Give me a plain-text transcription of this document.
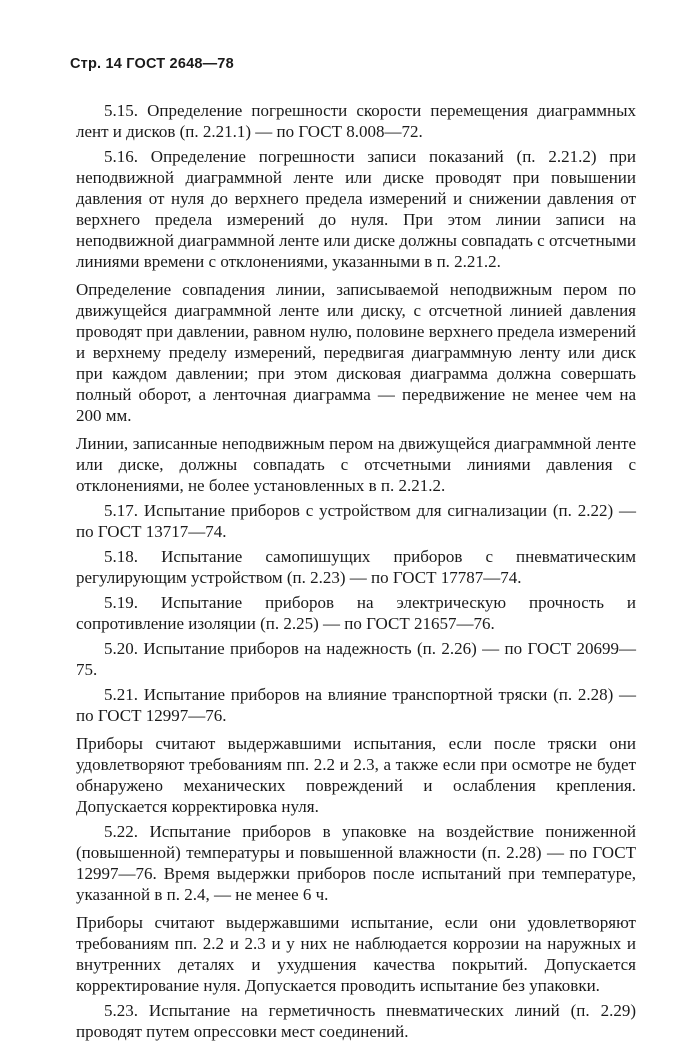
Стр. 14 ГОСТ 2648—78

5.15. Определение погрешности скорости перемещения диаграммных лент и дисков (п. 2.21.1) — по ГОСТ 8.008—72.

5.16. Определение погрешности записи показаний (п. 2.21.2) при неподвижной диаграммной ленте или диске проводят при повышении давления от нуля до верхнего предела измерений и снижении давления от верхнего предела измерений до нуля. При этом линии записи на неподвижной диаграммной ленте или диске должны совпадать с отсчетными линиями времени с отклонениями, указанными в п. 2.21.2.

Определение совпадения линии, записываемой неподвижным пером по движущейся диаграммной ленте или диску, с отсчетной линией давления проводят при давлении, равном нулю, половине верхнего предела измерений и верхнему пределу измерений, передвигая диаграммную ленту или диск при каждом давлении; при этом дисковая диаграмма должна совершать полный оборот, а ленточная диаграмма — передвижение не менее чем на 200 мм.

Линии, записанные неподвижным пером на движущейся диаграммной ленте или диске, должны совпадать с отсчетными линиями давления с отклонениями, не более установленных в п. 2.21.2.

5.17. Испытание приборов с устройством для сигнализации (п. 2.22) — по ГОСТ 13717—74.

5.18. Испытание самопишущих приборов с пневматическим регулирующим устройством (п. 2.23) — по ГОСТ 17787—74.

5.19. Испытание приборов на электрическую прочность и сопротивление изоляции (п. 2.25) — по ГОСТ 21657—76.

5.20. Испытание приборов на надежность (п. 2.26) — по ГОСТ 20699—75.

5.21. Испытание приборов на влияние транспортной тряски (п. 2.28) — по ГОСТ 12997—76.

Приборы считают выдержавшими испытания, если после тряски они удовлетворяют требованиям пп. 2.2 и 2.3, а также если при осмотре не будет обнаружено механических повреждений и ослабления крепления. Допускается корректировка нуля.

5.22. Испытание приборов в упаковке на воздействие пониженной (повышенной) температуры и повышенной влажности (п. 2.28) — по ГОСТ 12997—76. Время выдержки приборов после испытаний при температуре, указанной в п. 2.4, — не менее 6 ч.

Приборы считают выдержавшими испытание, если они удовлетворяют требованиям пп. 2.2 и 2.3 и у них не наблюдается коррозии на наружных и внутренних деталях и ухудшения качества покрытий. Допускается корректирование нуля. Допускается проводить испытание без упаковки.

5.23. Испытание на герметичность пневматических линий (п. 2.29) проводят путем опрессовки мест соединений.
